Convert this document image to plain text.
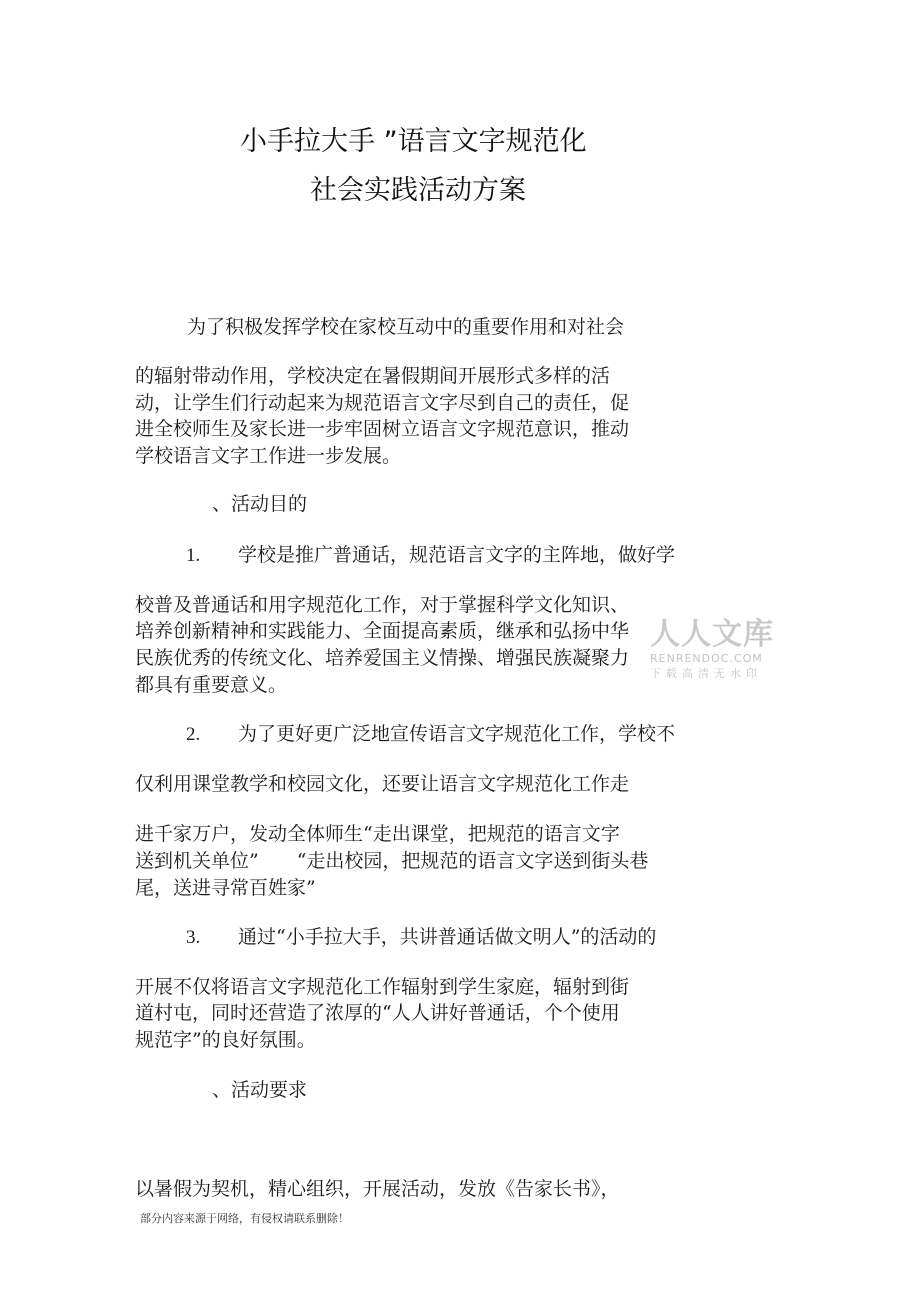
小手拉大手 ”语言文字规范化
社会实践活动方案
为了积极发挥学校在家校互动中的重要作用和对社会
的辐射带动作用，学校决定在暑假期间开展形式多样的活
动，让学生们行动起来为规范语言文字尽到自己的责任，促
进全校师生及家长进一步牢固树立语言文字规范意识，推动
学校语言文字工作进一步发展。
、活动目的
1. 学校是推广普通话，规范语言文字的主阵地，做好学
校普及普通话和用字规范化工作，对于掌握科学文化知识、
培养创新精神和实践能力、全面提高素质，继承和弘扬中华
民族优秀的传统文化、培养爱国主义情操、增强民族凝聚力
都具有重要意义。
2. 为了更好更广泛地宣传语言文字规范化工作，学校不
仅利用课堂教学和校园文化，还要让语言文字规范化工作走
进千家万户，发动全体师生“走出课堂，把规范的语言文字
送到机关单位”　　“走出校园，把规范的语言文字送到街头巷
尾，送进寻常百姓家”
3. 通过“小手拉大手，共讲普通话做文明人”的活动的
开展不仅将语言文字规范化工作辐射到学生家庭，辐射到街
道村屯，同时还营造了浓厚的“人人讲好普通话，个个使用
规范字”的良好氛围。
、活动要求
以暑假为契机，精心组织，开展活动，发放《告家长书》，
部分内容来源于网络，有侵权请联系删除！
人人文库
RENRENDOC.COM
下载高清无水印
